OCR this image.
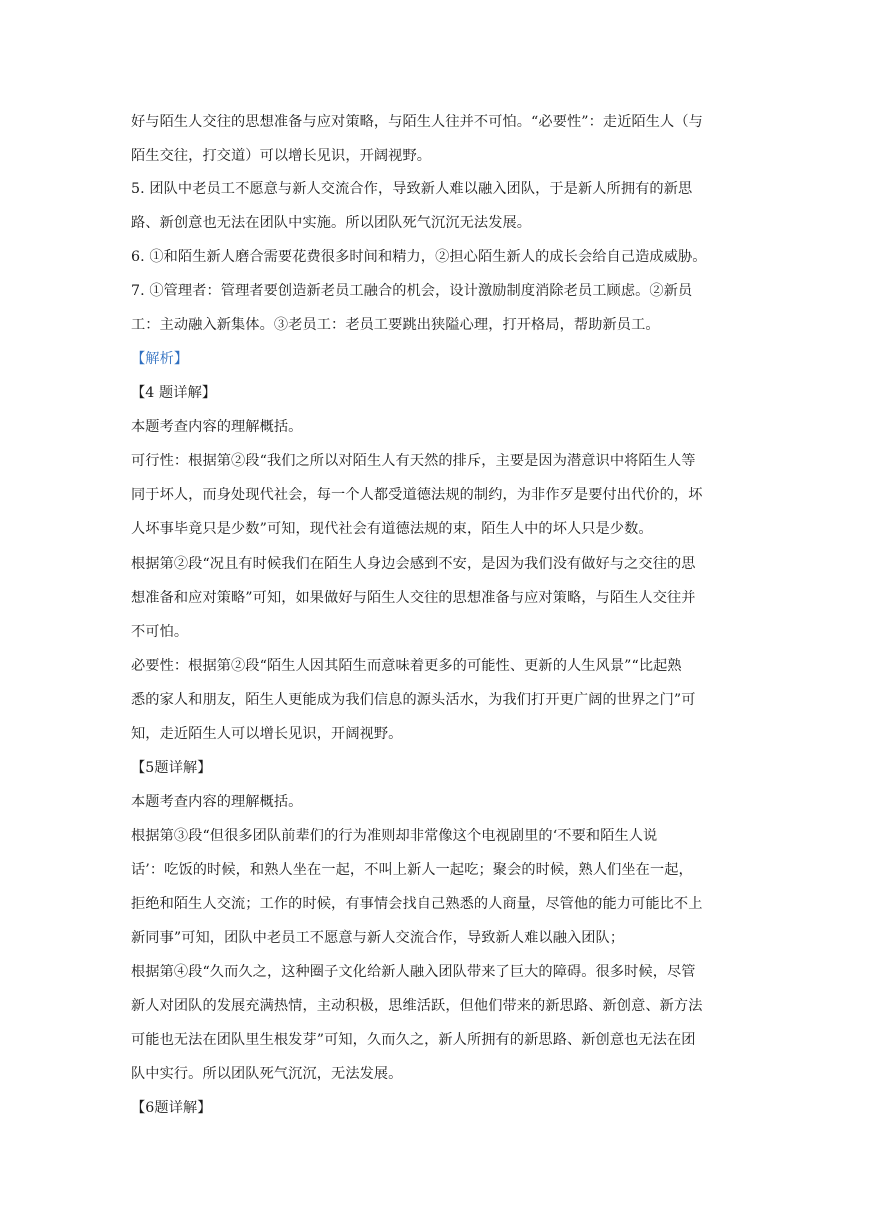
好与陌生人交往的思想准备与应对策略，与陌生人往并不可怕。“必要性”：走近陌生人（与
陌生交往，打交道）可以增长见识，开阔视野。
5. 团队中老员工不愿意与新人交流合作，导致新人难以融入团队，于是新人所拥有的新思
路、新创意也无法在团队中实施。所以团队死气沉沉无法发展。
6. ①和陌生新人磨合需要花费很多时间和精力，②担心陌生新人的成长会给自己造成威胁。
7. ①管理者：管理者要创造新老员工融合的机会，设计激励制度消除老员工顾虑。②新员
工：主动融入新集体。③老员工：老员工要跳出狭隘心理，打开格局，帮助新员工。
【解析】
【4 题详解】
本题考查内容的理解概括。
可行性：根据第②段“我们之所以对陌生人有天然的排斥，主要是因为潜意识中将陌生人等
同于坏人，而身处现代社会，每一个人都受道德法规的制约，为非作歹是要付出代价的，坏
人坏事毕竟只是少数”可知，现代社会有道德法规的束，陌生人中的坏人只是少数。
根据第②段“况且有时候我们在陌生人身边会感到不安，是因为我们没有做好与之交往的思
想准备和应对策略”可知，如果做好与陌生人交往的思想准备与应对策略，与陌生人交往并
不可怕。
必要性：根据第②段“陌生人因其陌生而意味着更多的可能性、更新的人生风景”“比起熟
悉的家人和朋友，陌生人更能成为我们信息的源头活水，为我们打开更广阔的世界之门”可
知，走近陌生人可以增长见识，开阔视野。
【5题详解】
本题考查内容的理解概括。
根据第③段“但很多团队前辈们的行为准则却非常像这个电视剧里的‘不要和陌生人说
话’：吃饭的时候，和熟人坐在一起，不叫上新人一起吃；聚会的时候，熟人们坐在一起，
拒绝和陌生人交流；工作的时候，有事情会找自己熟悉的人商量，尽管他的能力可能比不上
新同事”可知，团队中老员工不愿意与新人交流合作，导致新人难以融入团队；
根据第④段“久而久之，这种圈子文化给新人融入团队带来了巨大的障碍。很多时候，尽管
新人对团队的发展充满热情，主动积极，思维活跃，但他们带来的新思路、新创意、新方法
可能也无法在团队里生根发芽”可知，久而久之，新人所拥有的新思路、新创意也无法在团
队中实行。所以团队死气沉沉，无法发展。
【6题详解】
